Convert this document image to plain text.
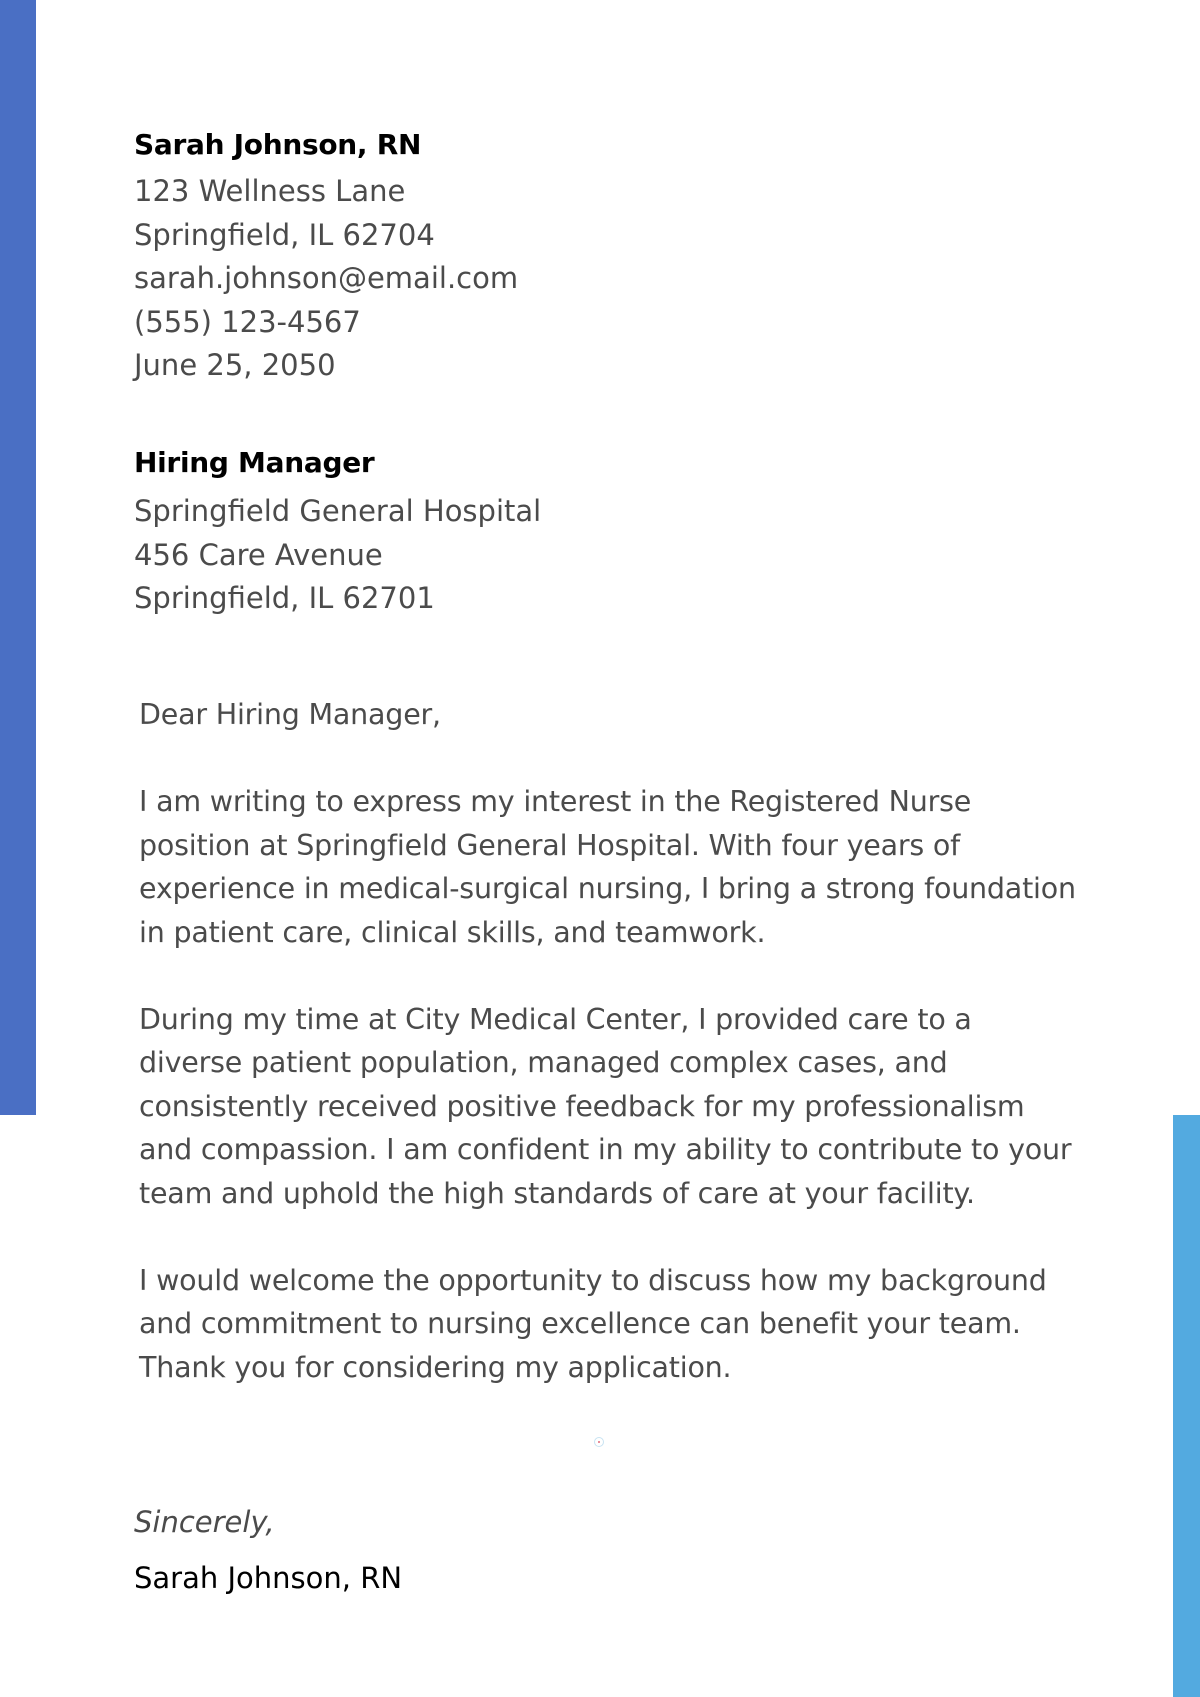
Sarah Johnson, RN

123 Wellness Lane

Springfield, IL 62704

sarah.johnson@email.com

(555) 123-4567

June 25, 2050

Hiring Manager

Springfield General Hospital

456 Care Avenue

Springfield, IL 62701

Dear Hiring Manager,

I am writing to express my interest in the Registered Nurse position at Springfield General Hospital. With four years of experience in medical-surgical nursing, I bring a strong foundation in patient care, clinical skills, and teamwork.

During my time at City Medical Center, I provided care to a diverse patient population, managed complex cases, and consistently received positive feedback for my professionalism and compassion. I am confident in my ability to contribute to your team and uphold the high standards of care at your facility.

I would welcome the opportunity to discuss how my background and commitment to nursing excellence can benefit your team. Thank you for considering my application.

Sincerely,

Sarah Johnson, RN
